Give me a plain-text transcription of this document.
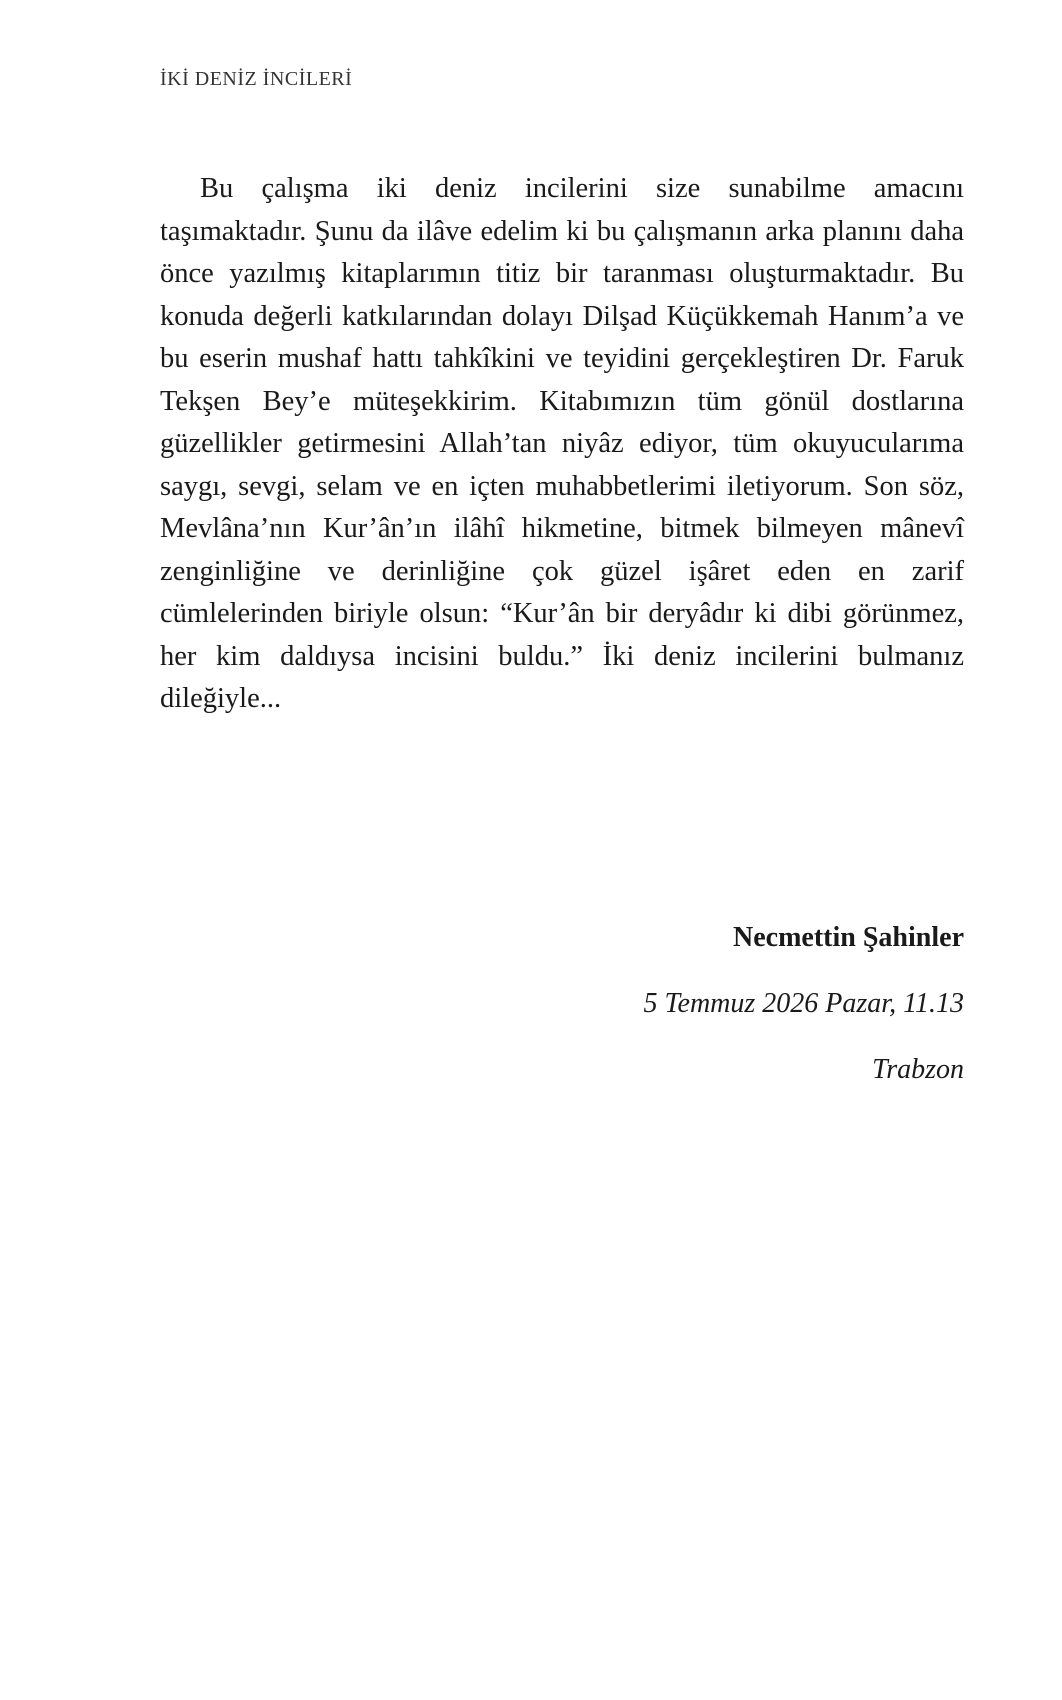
İKİ DENİZ İNCİLERİ

Bu çalışma iki deniz incilerini size sunabilme amacını taşımaktadır. Şunu da ilâve edelim ki bu çalışmanın arka planını daha önce yazılmış kitaplarımın titiz bir taranması oluşturmaktadır. Bu konuda değerli katkılarından dolayı Dilşad Küçükkemah Hanım’a ve bu eserin mushaf hattı tahkîkini ve teyidini gerçekleştiren Dr. Faruk Tekşen Bey’e müteşekkirim. Kitabımızın tüm gönül dostlarına güzellikler getirmesini Allah’tan niyâz ediyor, tüm okuyucularıma saygı, sevgi, selam ve en içten muhabbetlerimi iletiyorum. Son söz, Mevlâna’nın Kur’ân’ın ilâhî hikmetine, bitmek bilmeyen mânevî zenginliğine ve derinliğine çok güzel işâret eden en zarif cümlelerinden biriyle olsun: “Kur’ân bir deryâdır ki dibi görünmez, her kim daldıysa incisini buldu.” İki deniz incilerini bulmanız dileğiyle...

Necmettin Şahinler
5 Temmuz 2026 Pazar, 11.13
Trabzon
